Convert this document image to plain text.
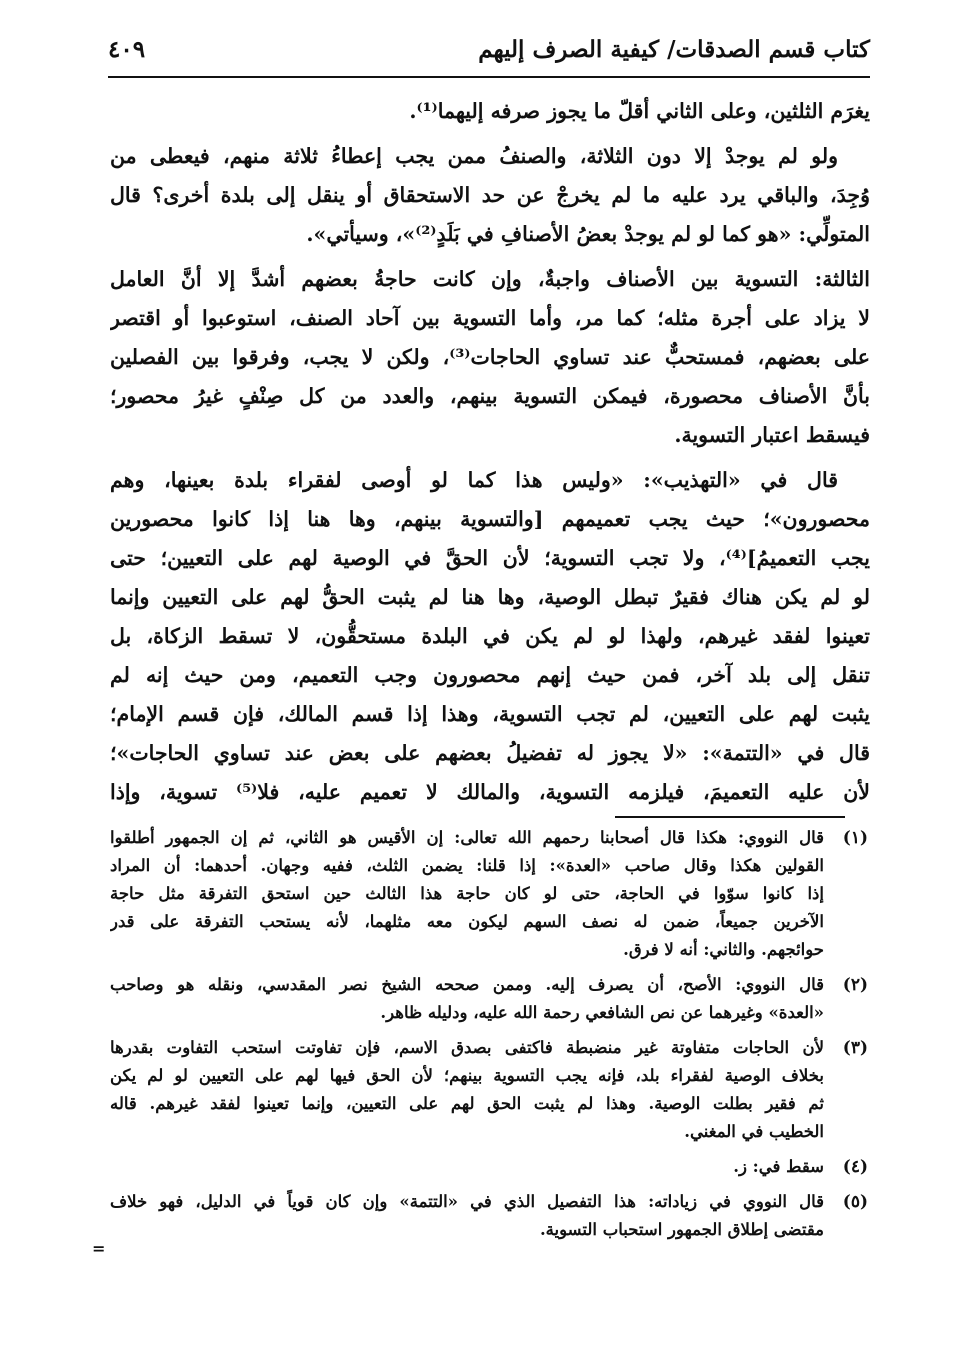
كتاب قسم الصدقات/ كيفية الصرف إليهم
٤٠٩
يغرَم الثلثين، وعلى الثاني أقلّ ما يجوز صرفه إليهما⁽¹⁾.
ولو لم يوجدْ إلا دون الثلاثة، والصنفُ ممن يجب إعطاءُ ثلاثة منهم، فيعطى من
وُجِدَ، والباقي يرد عليه ما لم يخرجْ عن حد الاستحقاق أو ينقل إلى بلدة أخرى؟ قال
المتولِّي: «هو كما لو لم يوجدْ بعضُ الأصنافِ في بَلَدٍ⁽²⁾»، وسيأتي».
الثالثة: التسوية بين الأصناف واجبةٌ، وإن كانت حاجةُ بعضهم أشدَّ إلا أنَّ العامل
لا يزاد على أجرة مثله؛ كما مر، وأما التسوية بين آحاد الصنف، استوعبوا أو اقتصر
على بعضهم، فمستحبٌّ عند تساوي الحاجات⁽³⁾، ولكن لا يجب، وفرقوا بين الفصلين
بأنَّ الأصناف محصورة، فيمكن التسوية بينهم، والعدد من كل صِنْفٍ غيرُ محصور؛
فيسقط اعتبار التسوية.
قال في «التهذيب»: «وليس هذا كما لو أوصى لفقراء بلدة بعينها، وهم
محصورون»؛ حيث يجب تعميمهم [والتسوية بينهم، وها هنا إذا كانوا محصورين
يجب التعميمُ]⁽⁴⁾، ولا تجب التسوية؛ لأن الحقَّ في الوصية لهم على التعيين؛ حتى
لو لم يكن هناك فقيرٌ تبطل الوصية، وها هنا لم يثبت الحقُّ لهم على التعيين وإنما
تعينوا لفقد غيرهم، ولهذا لو لم يكن في البلدة مستحقُّون، لا تسقط الزكاة، بل
تنقل إلى بلد آخر، فمن حيث إنهم محصورون وجب التعميم، ومن حيث إنه لم
يثبت لهم على التعيين، لم تجب التسوية، وهذا إذا قسم المالك، فإن قسم الإمام؛
قال في «التتمة»: «لا يجوز له تفضيلُ بعضهم على بعض عند تساوي الحاجات»؛
لأن عليه التعميمَ، فيلزمه التسوية، والمالك لا تعميم عليه، فلا⁽⁵⁾ تسوية، وإذا
(١)
قال النووي: هكذا قال أصحابنا رحمهم الله تعالى: إن الأقيس هو الثاني، ثم إن الجمهور أطلقوا
القولين هكذا وقال صاحب «العدة»: إذا قلنا: يضمن الثلث، ففيه وجهان. أحدهما: أن المراد
إذا كانوا سوّوا في الحاجة، حتى لو كان حاجة هذا الثالث حين استحق التفرقة مثل حاجة
الآخرين جميعاً، ضمن له نصف السهم ليكون معه مثلهما، لأنه يستحب التفرقة على قدر
حوائجهم. والثاني: أنه لا فرق.
(٢)
قال النووي: الأصح، أن يصرف إليه. وممن صححه الشيخ نصر المقدسي، ونقله هو وصاحب
«العدة» وغيرهما عن نص الشافعي رحمة الله عليه، ودليله ظاهر.
(٣)
لأن الحاجات متفاوتة غير منضبطة فاكتفى بصدق الاسم، فإن تفاوتت استحب التفاوت بقدرها
بخلاف الوصية لفقراء بلد، فإنه يجب التسوية بينهم؛ لأن الحق فيها لهم على التعيين لو لم يكن
ثم فقير بطلت الوصية. وهذا لم يثبت الحق لهم على التعيين، وإنما تعينوا لفقد غيرهم. قاله
الخطيب في المغني.
(٤)
سقط في: ز.
(٥)
قال النووي في زياداته: هذا التفصيل الذي في «التتمة» وإن كان قوياً في الدليل، فهو خلاف
مقتضى إطلاق الجمهور استحباب التسوية.
=
